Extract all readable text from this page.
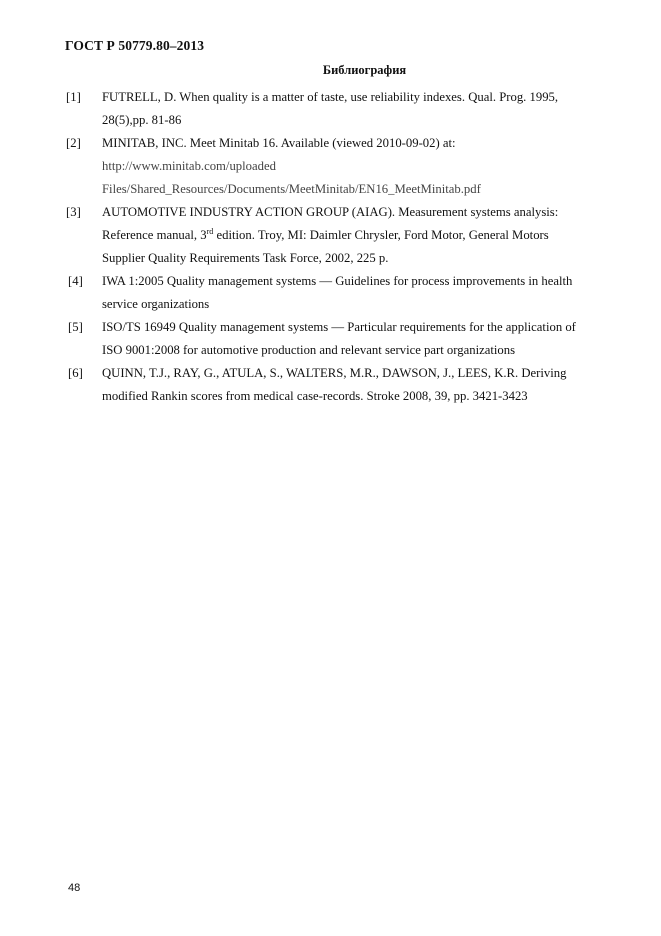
ГОСТ Р 50779.80–2013
Библиография
[1] FUTRELL, D. When quality is a matter of taste, use reliability indexes. Qual. Prog. 1995,
28(5),pp. 81-86
[2] MINITAB, INC. Meet Minitab 16. Available (viewed 2010-09-02) at:
http://www.minitab.com/uploaded
Files/Shared_Resources/Documents/MeetMinitab/EN16_MeetMinitab.pdf
[3] AUTOMOTIVE INDUSTRY ACTION GROUP (AIAG). Measurement systems analysis:
Reference manual, 3rd edition. Troy, MI: Daimler Chrysler, Ford Motor, General Motors
Supplier Quality Requirements Task Force, 2002, 225 p.
[4] IWA 1:2005 Quality management systems — Guidelines for process improvements in health
service organizations
[5] ISO/TS 16949 Quality management systems — Particular requirements for the application of
ISO 9001:2008 for automotive production and relevant service part organizations
[6] QUINN, T.J., RAY, G., ATULA, S., WALTERS, M.R., DAWSON, J., LEES, K.R. Deriving
modified Rankin scores from medical case-records. Stroke 2008, 39, pp. 3421-3423
48
